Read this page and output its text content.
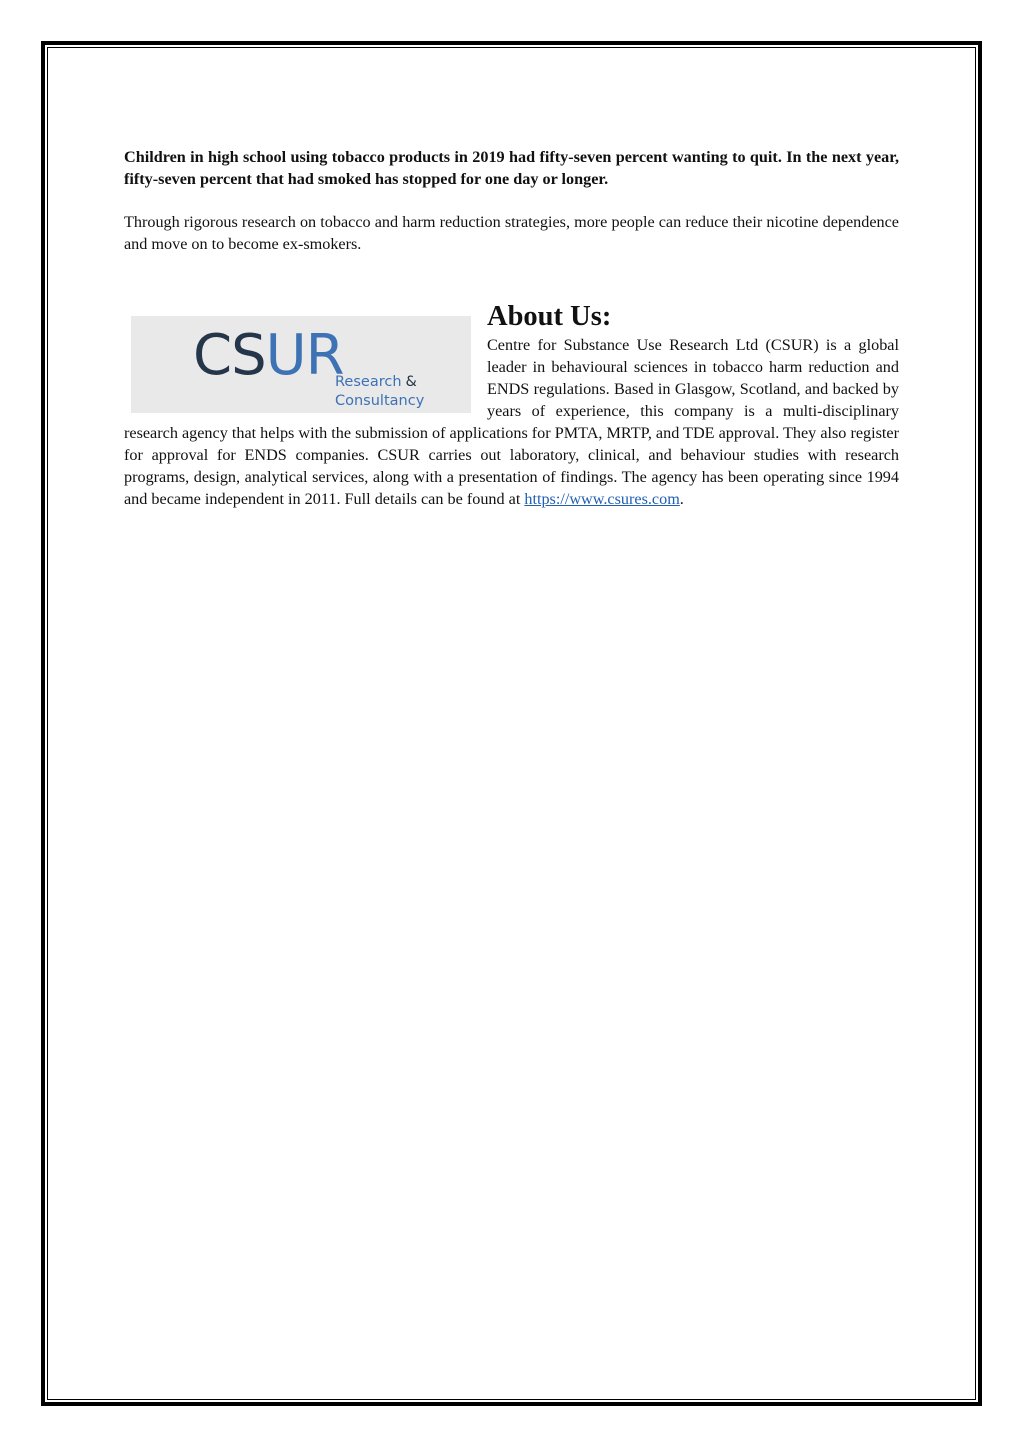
Children in high school using tobacco products in 2019 had fifty-seven percent wanting to quit. In the next year, fifty-seven percent that had smoked has stopped for one day or longer.

Through rigorous research on tobacco and harm reduction strategies, more people can reduce their nicotine dependence and move on to become ex-smokers.

CSUR
Research &
Consultancy
About Us:

Centre for Substance Use Research Ltd (CSUR) is a global leader in behavioural sciences in tobacco harm reduction and ENDS regulations. Based in Glasgow, Scotland, and backed by years of experience, this company is a multi-disciplinary research agency that helps with the submission of applications for PMTA, MRTP, and TDE approval. They also register for approval for ENDS companies. CSUR carries out laboratory, clinical, and behaviour studies with research programs, design, analytical services, along with a presentation of findings. The agency has been operating since 1994 and became independent in 2011. Full details can be found at https://www.csures.com.
